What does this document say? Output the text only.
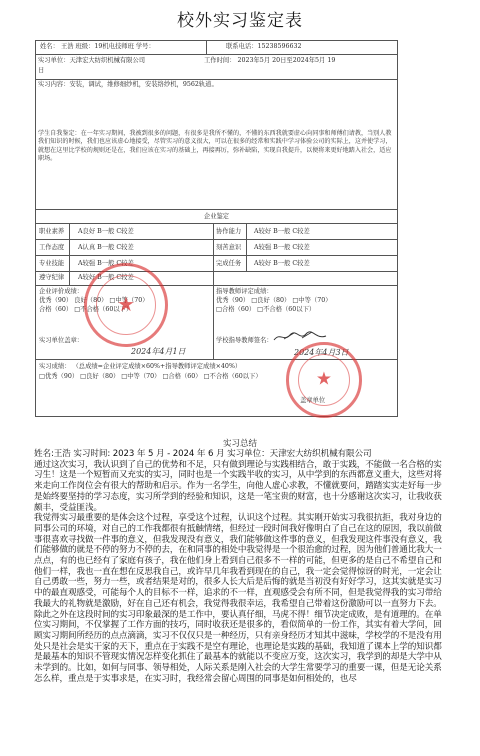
校外实习鉴定表
姓名： 王浩 班级：19机电技师班 学号：	联系电话：15238596632
实习单位：天津宏大纺织机械有限公司	工作时间： 2023年5月 20日至2024年5月 19
日
实习内容：安装，调试，维修细纱机，安装络纱机，9562轨道。
学生自我鉴定：在一年实习期间，我被到很多的问题，有很多是我所不懂的，不懂的东西我就要虚心向同事和师傅们请教，当别人教我们知识的时候，我们也应该虚心地接受，尽管实习的意义很大，可以在很多的经常和实践中学习体验公司的实际上，这并使学习，就想在这里比学校的规则还是在，我们应该在实习的基础上，再接再厉，弥补缺陷，实现自我提升，以便将来更好地踏入社会，适应职场。
企业鉴定
职业素养 A良好 B一般 C较差	协作能力 A较好 B一般 C较差
工作态度 A认真 B一般 C较差	刻苦意识 A较强 B一般 C较差
专业技能 A较强 B一般 C较差	完成任务 A较好 B一般 C较差
遵守纪律 A较好 B一般 C较差
企业评价成绩：
优秀（90） 良好（80） □中等（70）
合格（60） □不合格（60以下）
实习单位盖章：
2024年4月1日
指导教师评定成绩：
优秀（90） □良好（80） □中等（70）
□合格（60） □不合格（60以下）
学校指导教师签名：
2024年4月3日
实习成绩： （总成绩=企业评定成绩×60%+指导教师评定成绩×40%）
□优秀（90） □良好（80） □中等（70） □合格（60） □不合格（60以下）
盖章单位
★
★
实习总结

姓名:王浩 实习时间: 2023 年 5 月 - 2024 年 6 月 实习单位：天津宏大纺织机械有限公司

通过这次实习，我认识到了自己的优势和不足，只有做到理论与实践相结合，敢于实践，不能做一名合格的实习生！这是一个短暂而又充实的实习，同时也是一个实践半收的实习，从中学到的东西都意义重大，这些对将来走向工作岗位会有很大的帮助和启示。作为一名学生，向他人虚心求教，不懂就要问，踏踏实实走好每一步是始终要坚持的学习态度，实习所学到的经验和知识，这是一笔宝贵的财富，也十分感谢这次实习，让我收获颇丰，受益匪浅。

我觉得实习最重要的是体会这个过程，享受这个过程，认识这个过程。其实刚开始实习我很抗拒，我对身边的同事公司的环境，对自己的工作我都很有抵触情绪，但经过一段时间我好像明白了自己在这的原因，我以前做事很喜欢寻找做一件事的意义，但我发现没有意义，我们能够做这件事的意义，但我发现这件事没有意义，我们能够做的就是不停的努力不停的去，在和同事的相处中我觉得是一个很治愈的过程，因为他们普通比我大一点点，有的也已经有了家庭有孩子，我在他们身上看到自己很多不一样的可能，但更多的是自己不希望自己和他们一样，我也一直在想在反思我自己，或许早几年我看到现在的自己，我一定会觉得惊讶的时光，一定会让自己勇敢一些，努力一些，或者结果是对的，很多人长大后是后悔的就是当初没有好好学习，这其实就是实习中的最直观感受，可能每个人的目标不一样，追求的不一样，直观感受会有所不同，但是我觉得我的实习带给我最大的礼物就是激励，好在自己还有机会，我觉得我很幸运，我希望自己带着这份激励可以一直努力下去。

除此之外在这段时间的实习印象最深的是工作中，要认真仔细，马虎不得！细节决定成败，是有道理的。在单位实习期间，不仅掌握了工作方面的技巧，同时收获还是很多的，看似简单的一份工作，其实有着大学问，回顾实习期间所经历的点点滴滴，实习不仅仅只是一种经历，只有亲身经历才知其中滋味，学校学的不是没有用处只是社会是实干家的天下，重点在于实践不是空有理论，也理论是实践的基础，我知道了课本上学的知识都是最基本的知识不管现实情况怎样变化抓住了最基本的就能以不变应万变，这次实习，我学到的却是大学中从未学到的。比如，如何与同事、领导相处，人际关系是刚入社会的大学生常要学习的重要一课，但是无论关系怎么样，重点是于实事求是，在实习时，我经常会留心周围的同事是如何相处的，也尽
